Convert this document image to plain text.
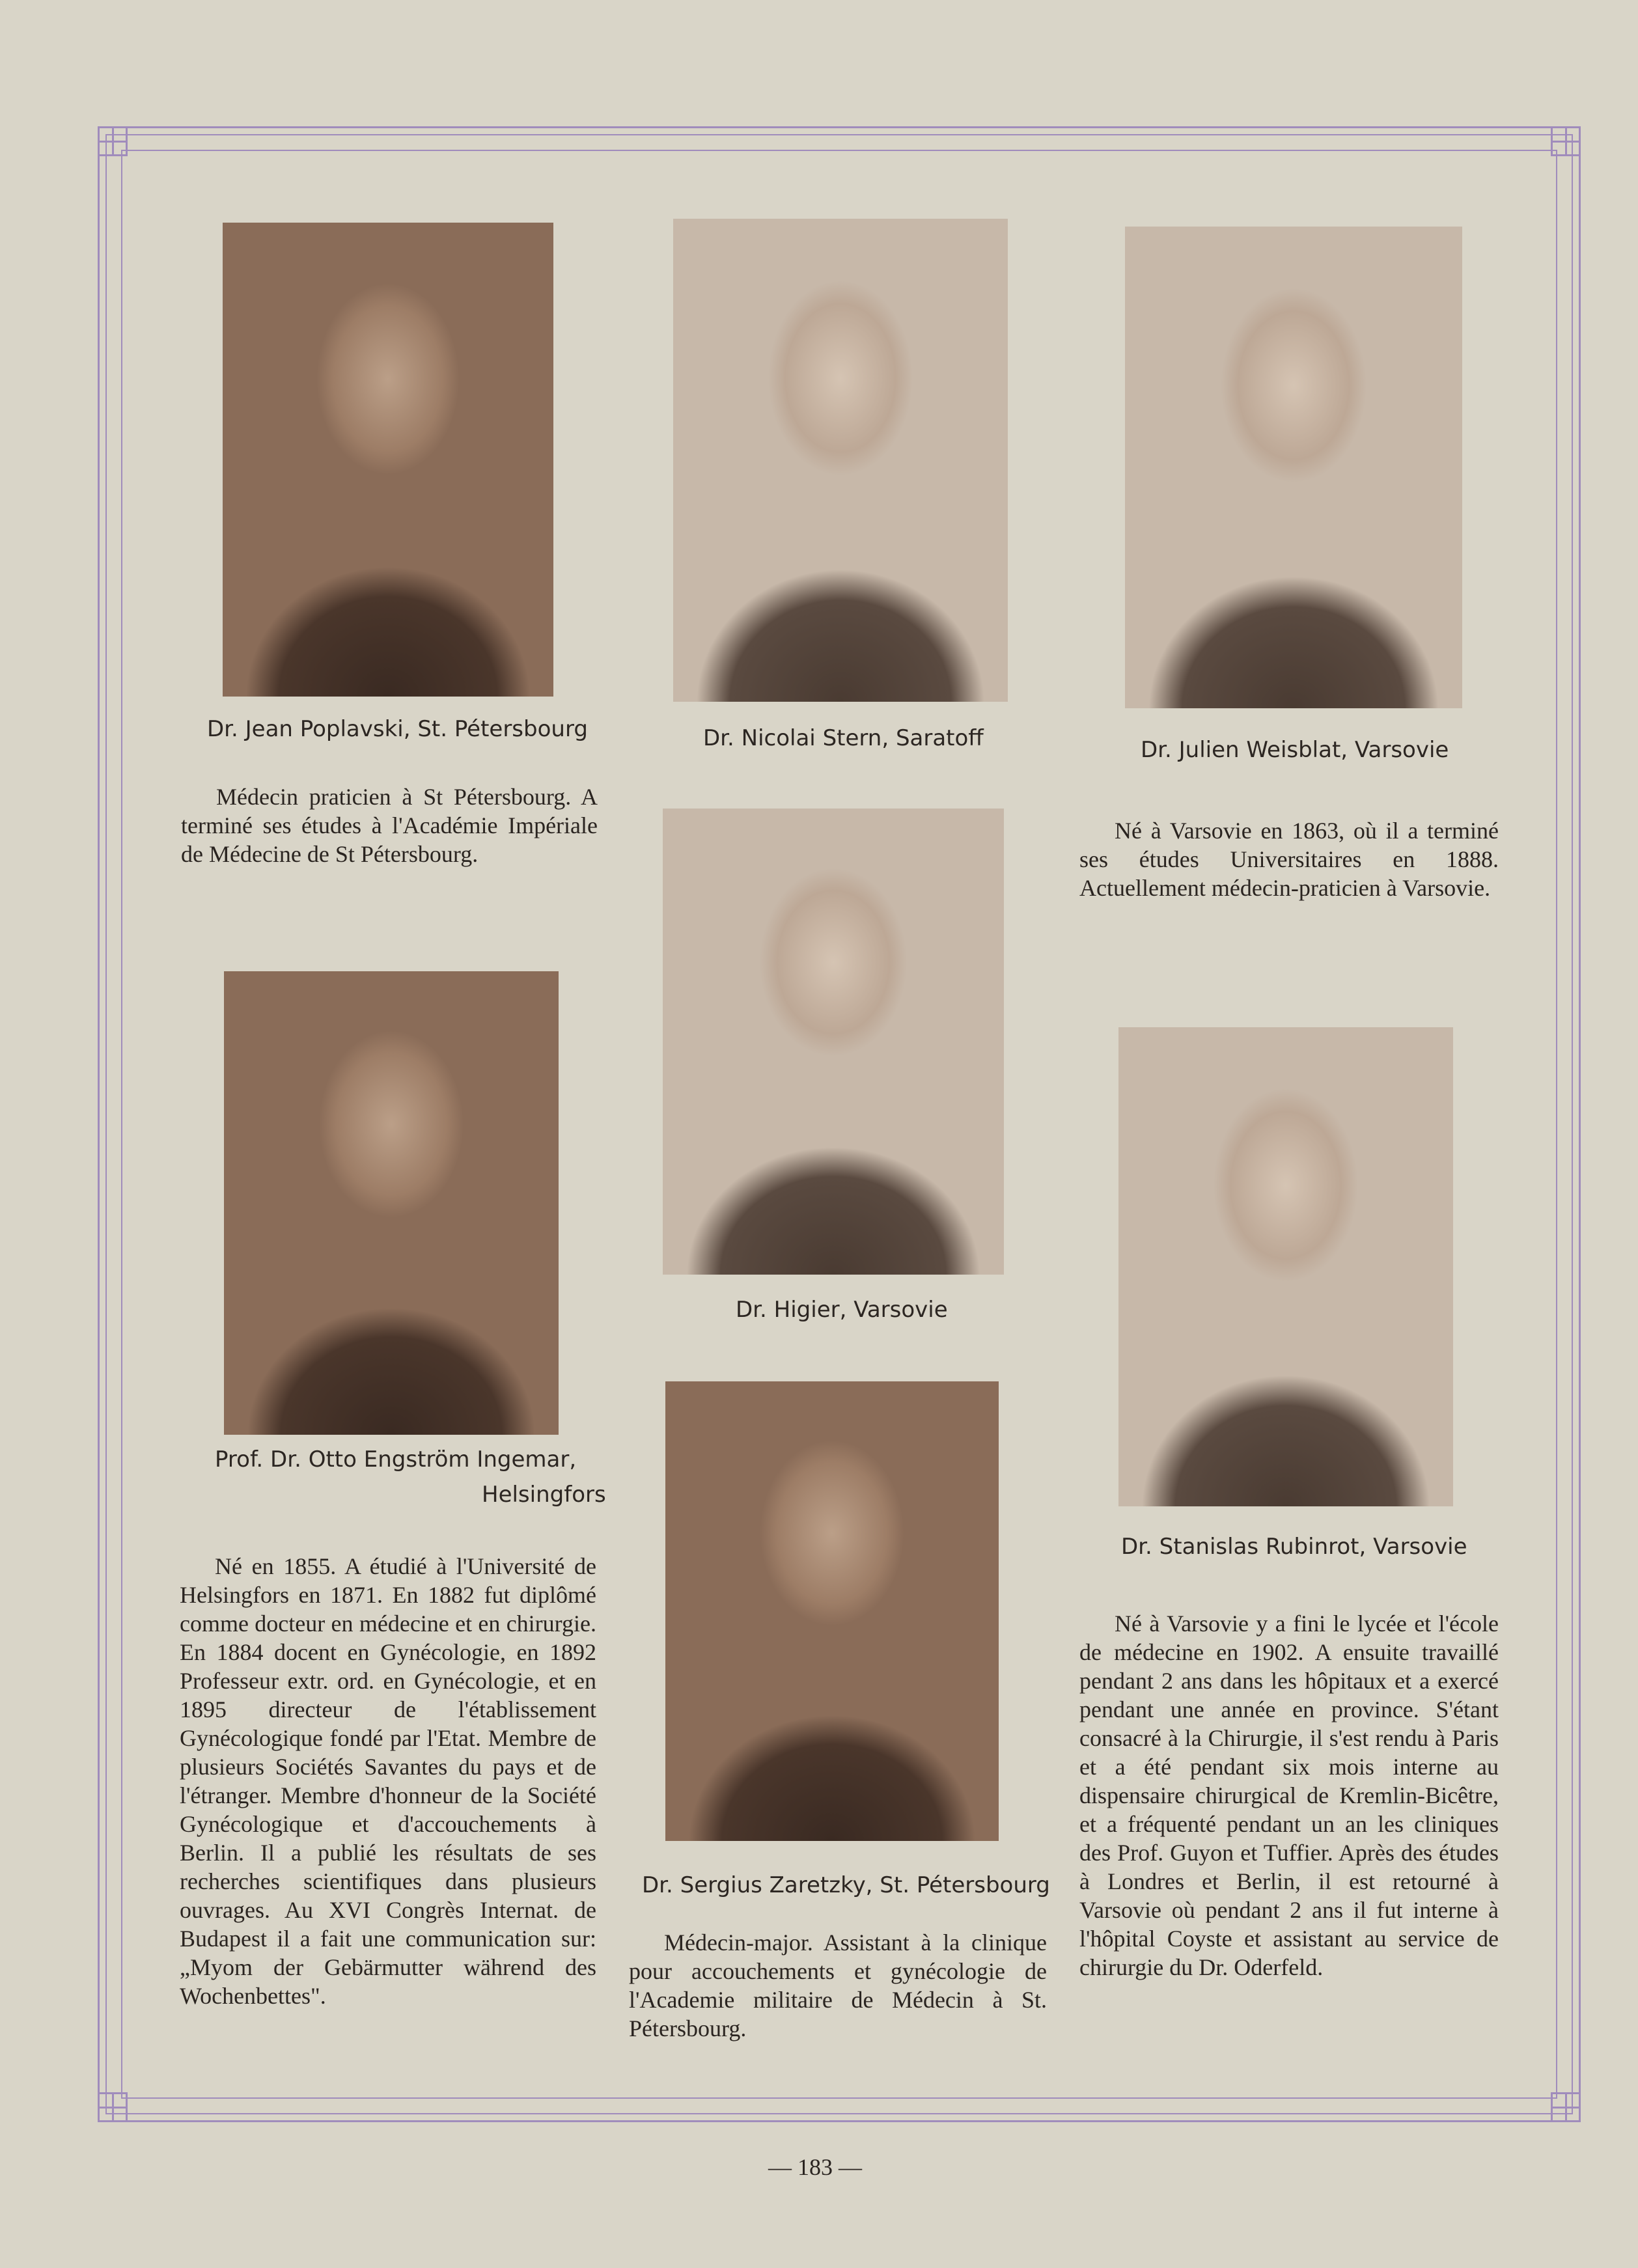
Dr. Jean Poplavski, St. Pétersbourg	Dr. Nicolai Stern, Saratoff	Dr. Julien Weisblat, Varsovie
Dr. Higier, Varsovie
Prof. Dr. Otto Engström Ingemar,
Helsingfors
Dr. Stanislas Rubinrot, Varsovie
Dr. Sergius Zaretzky, St. Pétersbourg
Médecin praticien à St Pétersbourg. A terminé ses études à l'Académie Impériale de Médecine de St Pétersbourg.
Né à Varsovie en 1863, où il a terminé ses études Universitaires en 1888. Actuellement médecin-praticien à Varsovie.
Né en 1855. A étudié à l'Université de Helsingfors en 1871. En 1882 fut diplômé comme docteur en médecine et en chirurgie. En 1884 docent en Gynécologie, en 1892 Professeur extr. ord. en Gynécologie, et en 1895 directeur de l'établissement Gynécologique fondé par l'Etat. Membre de plusieurs Sociétés Savantes du pays et de l'étranger. Membre d'honneur de la Société Gynécologique et d'accouchements à Berlin. Il a publié les résultats de ses recherches scientifiques dans plusieurs ouvrages. Au XVI Congrès Internat. de Budapest il a fait une communication sur: „Myom der Gebärmutter während des Wochenbettes".
Médecin-major. Assistant à la clinique pour accouchements et gynécologie de l'Academie militaire de Médecin à St. Pétersbourg.
Né à Varsovie y a fini le lycée et l'école de médecine en 1902. A ensuite travaillé pendant 2 ans dans les hôpitaux et a exercé pendant une année en province. S'étant consacré à la Chirurgie, il s'est rendu à Paris et a été pendant six mois interne au dispensaire chirurgical de Kremlin-Bicêtre, et a fréquenté pendant un an les cliniques des Prof. Guyon et Tuffier. Après des études à Londres et Berlin, il est retourné à Varsovie où pendant 2 ans il fut interne à l'hôpital Coyste et assistant au service de chirurgie du Dr. Oderfeld.
— 183 —
